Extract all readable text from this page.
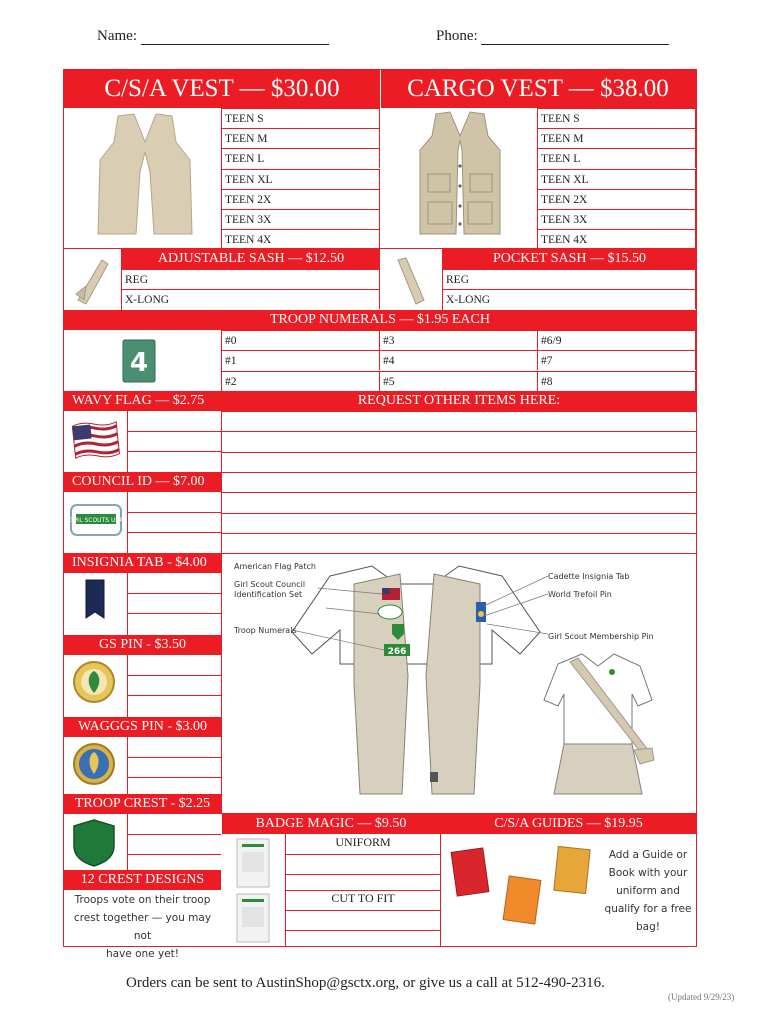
Name:	Phone:
C/S/A VEST — $30.00	CARGO VEST — $38.00
ADJUSTABLE SASH — $12.50	POCKET SASH — $15.50
TROOP NUMERALS — $1.95 EACH
4
WAVY FLAG — $2.75	REQUEST OTHER ITEMS HERE:
COUNCIL ID — $7.00
GIRL SCOUTS USA
INSIGNIA TAB - $4.00
GS PIN - $3.50
WAGGGS PIN - $3.00
TROOP CREST - $2.25
12 CREST DESIGNS
Troops vote on their troop
crest together — you may not
have one yet!
266
American Flag Patch
Girl Scout Council
Identification Set
Troop Numerals
Cadette Insignia Tab
World Trefoil Pin
Girl Scout Membership Pin
BADGE MAGIC — $9.50	C/S/A GUIDES — $19.95
UNIFORM
CUT TO FIT
Add a Guide or
Book with your
uniform and
qualify for a free
bag!
Orders can be sent to AustinShop@gsctx.org, or give us a call at 512-490-2316.
(Updated 9/29/23)
TEEN S	TEEN S
TEEN M	TEEN M
TEEN L	TEEN L
TEEN XL	TEEN XL
TEEN 2X	TEEN 2X
TEEN 3X	TEEN 3X
TEEN 4X	TEEN 4X
REG	REG
X-LONG	X-LONG
#0	#3	#6/9
#1	#4	#7
#2	#5	#8
